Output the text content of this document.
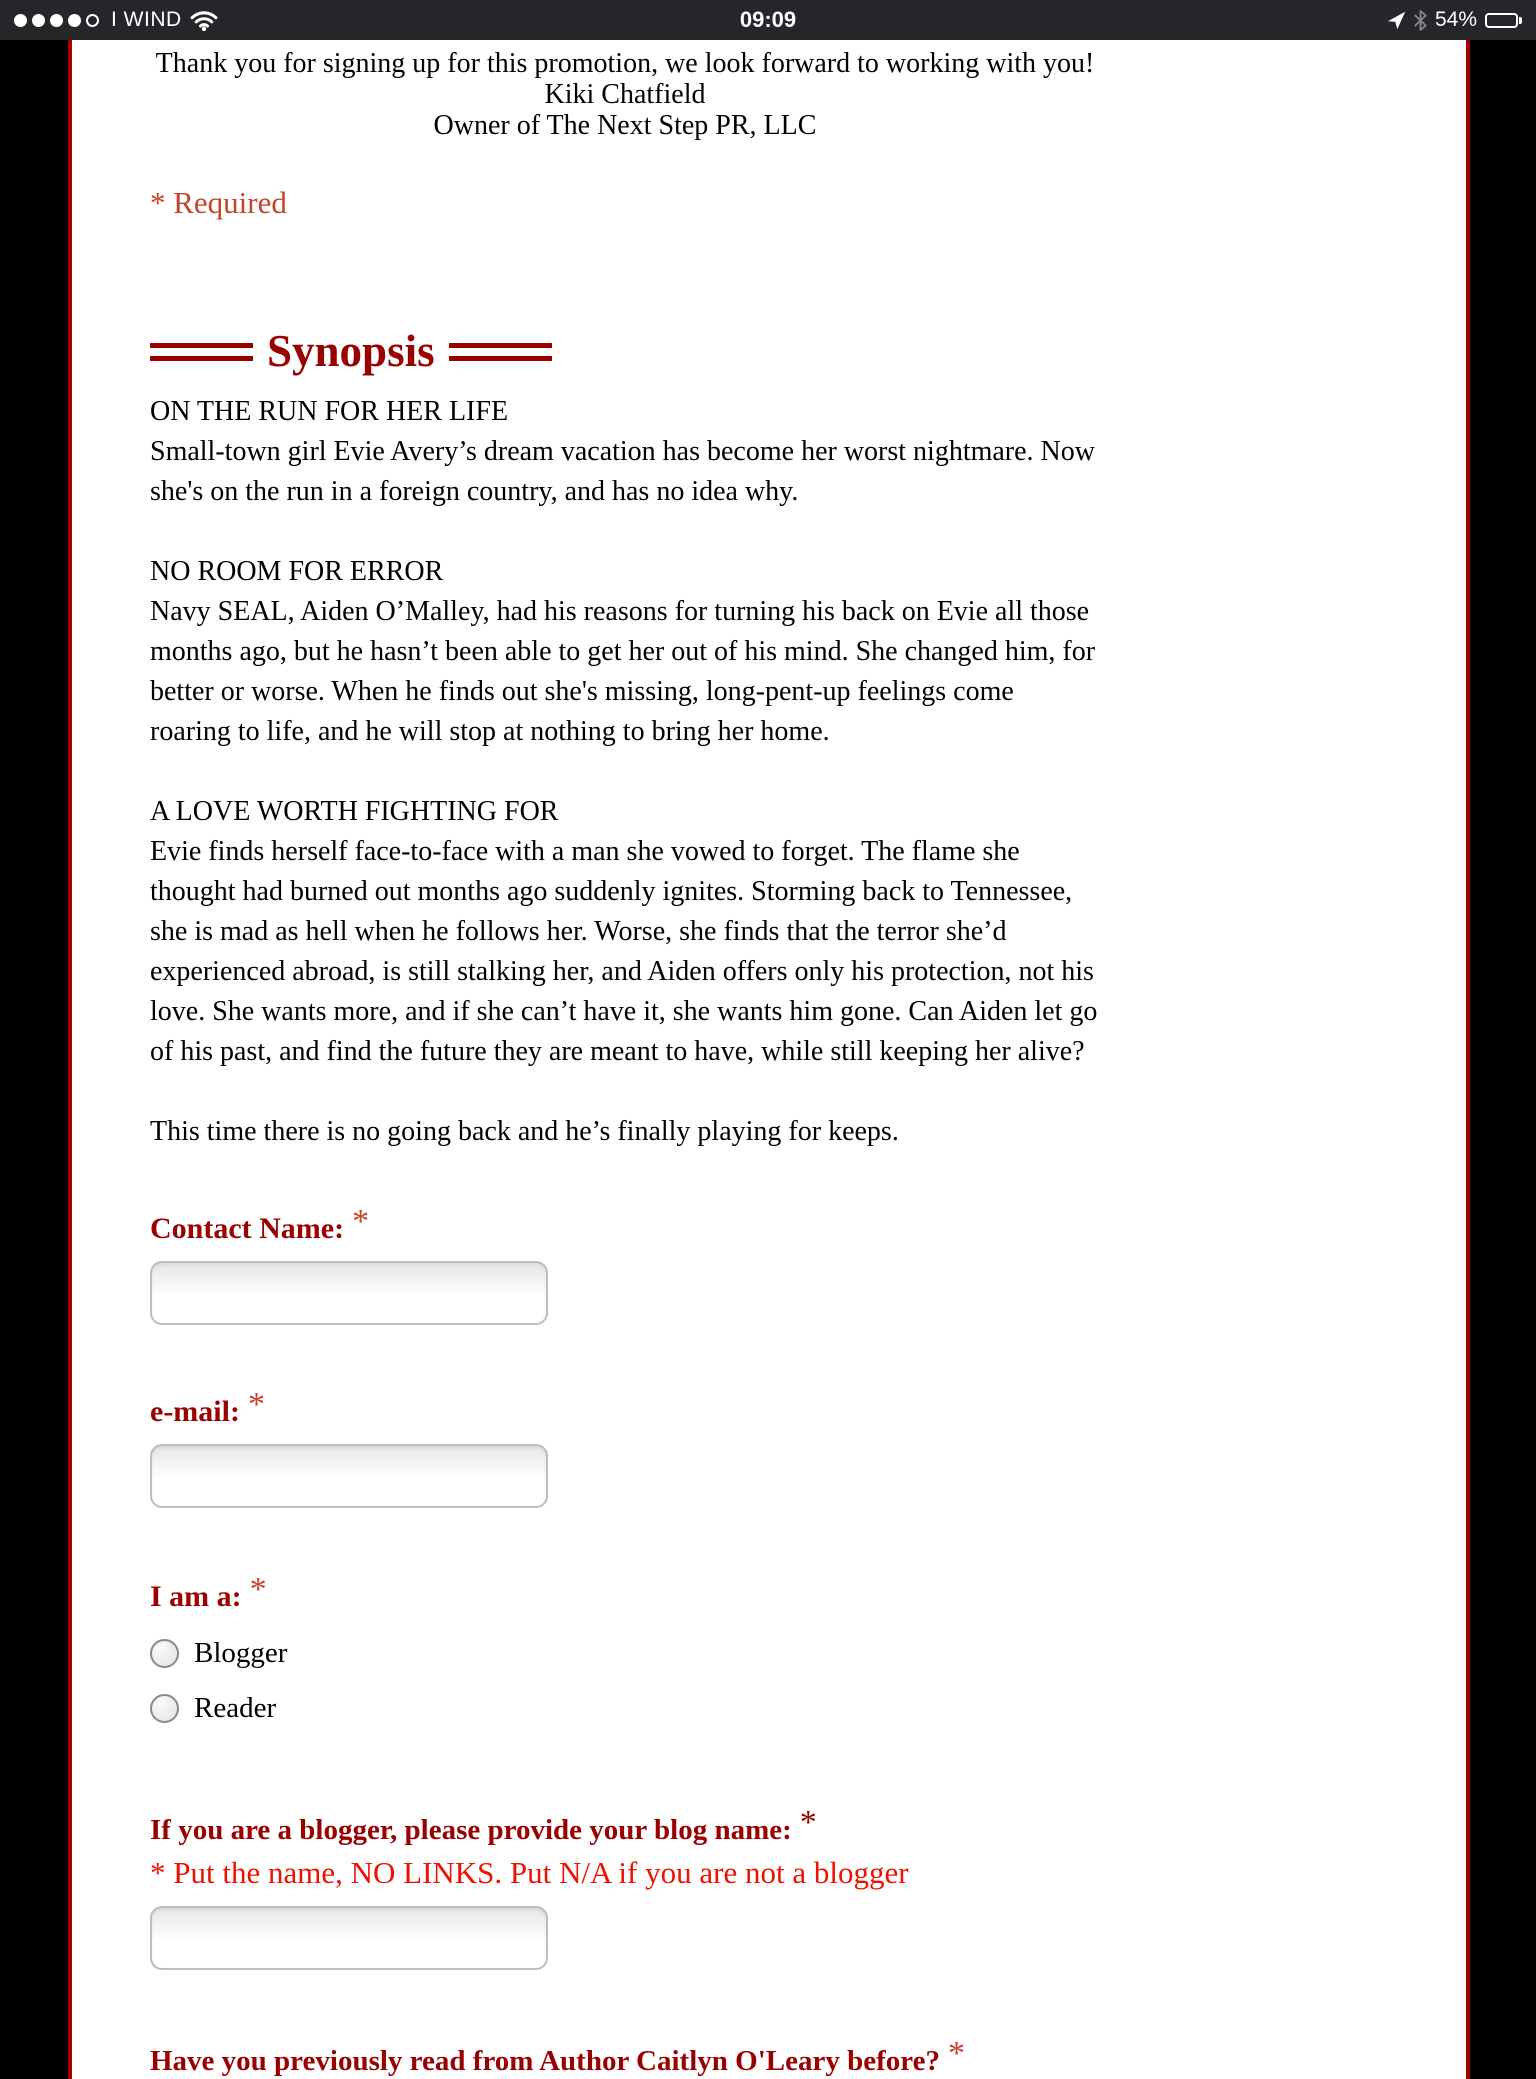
I WIND	09:09	54%
Thank you for signing up for this promotion, we look forward to working with you!
Kiki Chatfield
Owner of The Next Step PR, LLC
* Required
Synopsis
ON THE RUN FOR HER LIFE
Small-town girl Evie Avery’s dream vacation has become her worst nightmare. Now she's on the run in a foreign country, and has no idea why.
NO ROOM FOR ERROR
Navy SEAL, Aiden O’Malley, had his reasons for turning his back on Evie all those months ago, but he hasn’t been able to get her out of his mind. She changed him, for better or worse. When he finds out she's missing, long-pent-up feelings come roaring to life, and he will stop at nothing to bring her home.
A LOVE WORTH FIGHTING FOR
Evie finds herself face-to-face with a man she vowed to forget. The flame she thought had burned out months ago suddenly ignites. Storming back to Tennessee, she is mad as hell when he follows her. Worse, she finds that the terror she’d experienced abroad, is still stalking her, and Aiden offers only his protection, not his love. She wants more, and if she can’t have it, she wants him gone. Can Aiden let go of his past, and find the future they are meant to have, while still keeping her alive?
This time there is no going back and he’s finally playing for keeps.
Contact Name: *
e-mail: *
I am a: *
Blogger
Reader
If you are a blogger, please provide your blog name: *
* Put the name, NO LINKS. Put N/A if you are not a blogger
Have you previously read from Author Caitlyn O'Leary before? *
